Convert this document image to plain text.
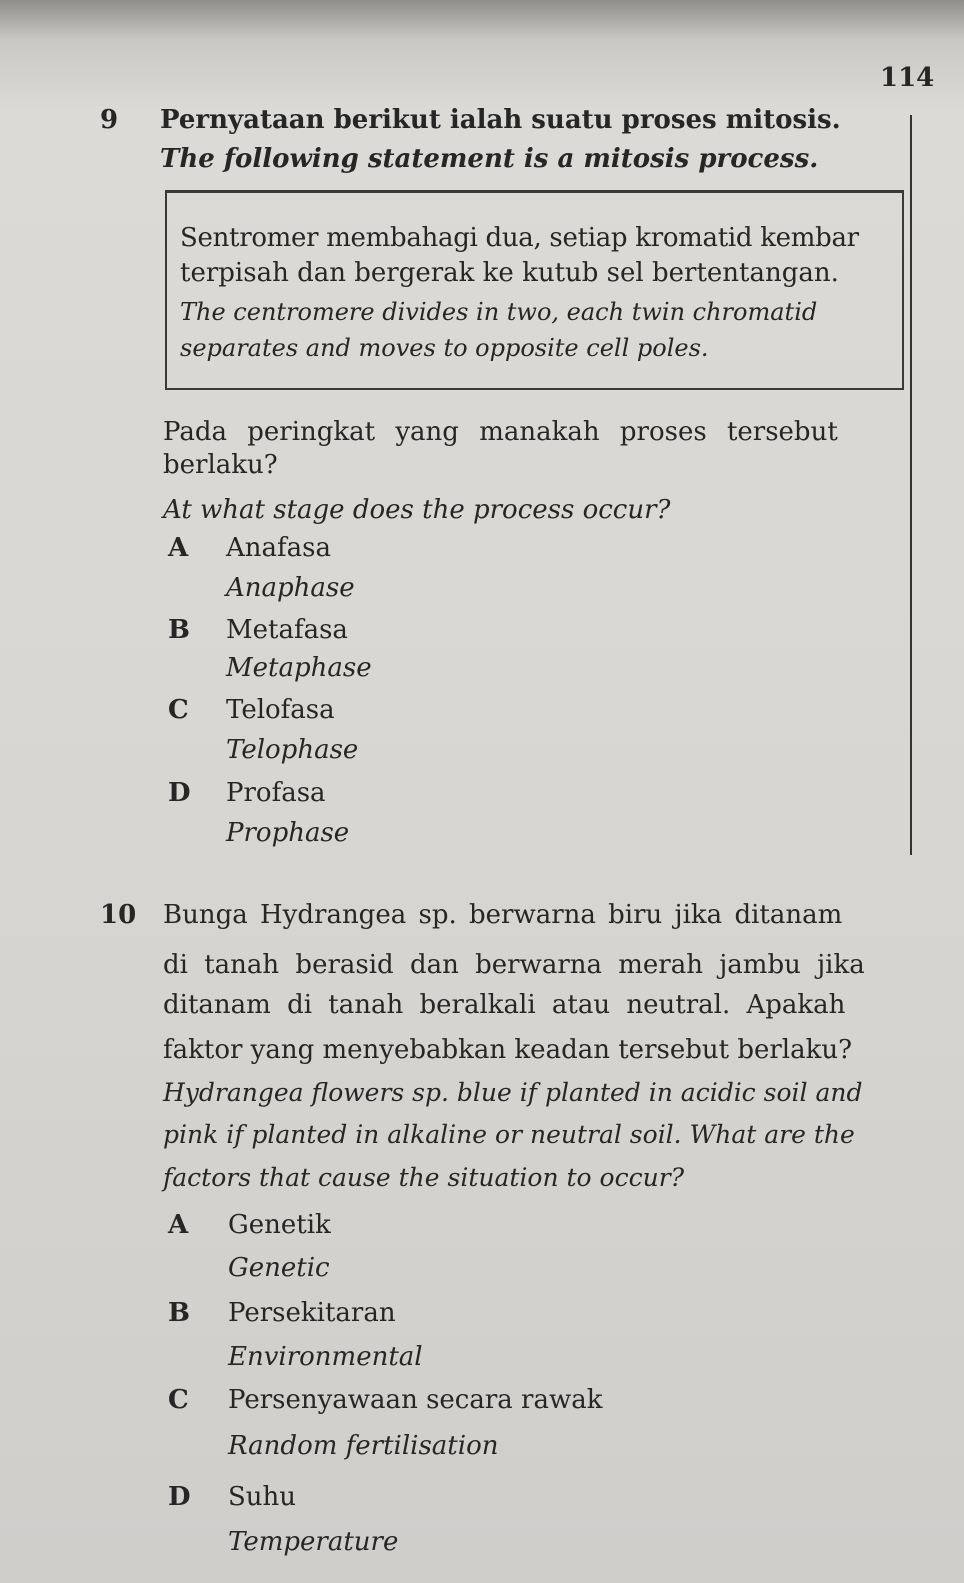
114
9 Pernyataan berikut ialah suatu proses mitosis.
The following statement is a mitosis process.
Sentromer membahagi dua, setiap kromatid kembar
terpisah dan bergerak ke kutub sel bertentangan.
The centromere divides in two, each twin chromatid
separates and moves to opposite cell poles.
Pada peringkat yang manakah proses tersebut
berlaku?
At what stage does the process occur?
A Anafasa
Anaphase
B Metafasa
Metaphase
C Telofasa
Telophase
D Profasa
Prophase
10 Bunga Hydrangea sp. berwarna biru jika ditanam
di tanah berasid dan berwarna merah jambu jika
ditanam di tanah beralkali atau neutral. Apakah
faktor yang menyebabkan keadan tersebut berlaku?
Hydrangea flowers sp. blue if planted in acidic soil and
pink if planted in alkaline or neutral soil. What are the
factors that cause the situation to occur?
A Genetik
Genetic
B Persekitaran
Environmental
C Persenyawaan secara rawak
Random fertilisation
D Suhu
Temperature
